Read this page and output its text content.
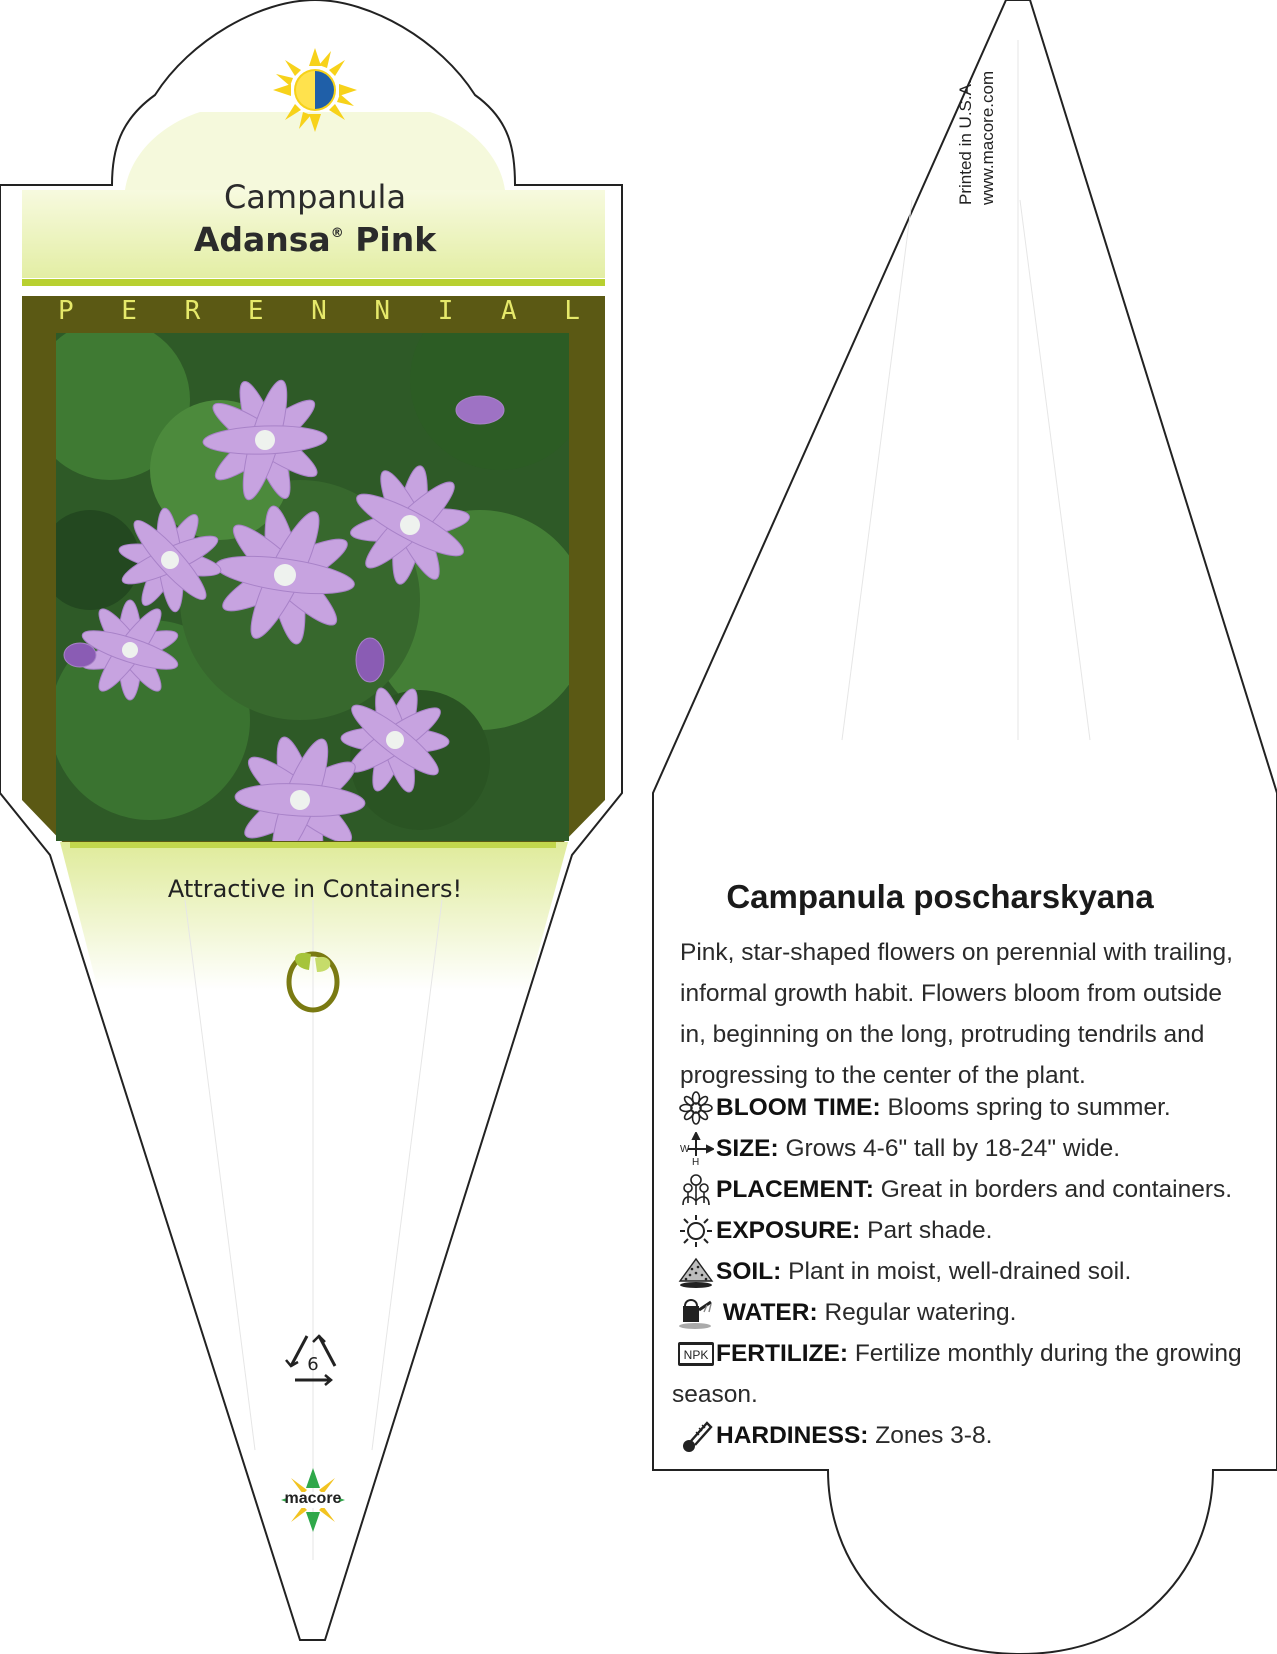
Campanula
Adansa® Pink
P E R E N N I A L
Attractive in Containers!
6
macore
Printed in U.S.A. www.macore.com
Campanula poscharskyana
Pink, star-shaped flowers on perennial with trailing, informal growth habit. Flowers bloom from outside in, beginning on the long, protruding tendrils and progressing to the center of the plant.
BLOOM TIME: Blooms spring to summer.
W
H SIZE: Grows 4-6" tall by 18-24" wide.
PLACEMENT: Great in borders and containers.
EXPOSURE: Part shade.
SOIL: Plant in moist, well-drained soil.
WATER: Regular watering.
NPK FERTILIZE: Fertilize monthly during the growing
season.
HARDINESS: Zones 3-8.
